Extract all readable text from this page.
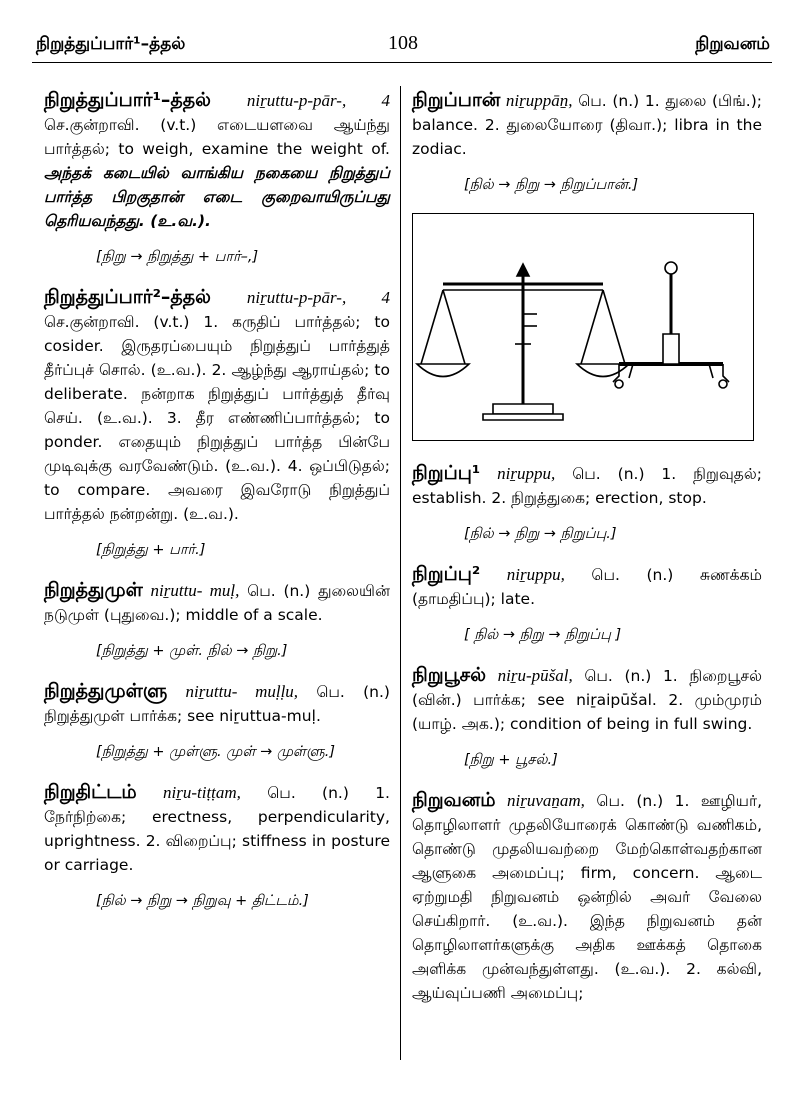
நிறுத்துப்பார்¹–த்தல்	108	நிறுவனம்
நிறுத்துப்பார்¹–த்தல் niṟuttu-p-pār-, 4 செ.குன்றாவி. (v.t.) எடையளவை ஆய்ந்து பார்த்தல்; to weigh, examine the weight of. அந்தக் கடையில் வாங்கிய நகையை நிறுத்துப் பார்த்த பிறகுதான் எடை குறைவாயிருப்பது தெரியவந்தது. (உ.வ.).
[நிறு → நிறுத்து + பார்–,]
நிறுத்துப்பார்²–த்தல் niṟuttu-p-pār-, 4 செ.குன்றாவி. (v.t.) 1. கருதிப் பார்த்தல்; to cosider. இருதரப்பையும் நிறுத்துப் பார்த்துத் தீர்ப்புச் சொல். (உ.வ.). 2. ஆழ்ந்து ஆராய்தல்; to deliberate. நன்றாக நிறுத்துப் பார்த்துத் தீர்வு செய். (உ.வ.). 3. தீர எண்ணிப்பார்த்தல்; to ponder. எதையும் நிறுத்துப் பார்த்த பின்பே முடிவுக்கு வரவேண்டும். (உ.வ.). 4. ஒப்பிடுதல்; to compare. அவரை இவரோடு நிறுத்துப் பார்த்தல் நன்றன்று. (உ.வ.).
[நிறுத்து + பார்.]
நிறுத்துமுள் niṟuttu- muḷ, பெ. (n.) துலையின் நடுமுள் (புதுவை.); middle of a scale.
[நிறுத்து + முள். நில் → நிறு.]
நிறுத்துமுள்ளு niṟuttu- muḷḷu, பெ. (n.) நிறுத்துமுள் பார்க்க; see niṟuttua-muḷ.
[நிறுத்து + முள்ளு. முள் → முள்ளு.]
நிறுதிட்டம் niṟu-tiṭṭam, பெ. (n.) 1. நேர்நிற்கை; erectness, perpendicularity, uprightness. 2. விறைப்பு; stiffness in posture or carriage.
[நில் → நிறு → நிறுவு + திட்டம்.]
நிறுப்பான் niṟuppāṉ, பெ. (n.) 1. துலை (பிங்.); balance. 2. துலையோரை (திவா.); libra in the zodiac.
[நில் → நிறு → நிறுப்பான்.]
நிறுப்பு¹ niṟuppu, பெ. (n.) 1. நிறுவுதல்; establish. 2. நிறுத்துகை; erection, stop.
[நில் → நிறு → நிறுப்பு.]
நிறுப்பு² niṟuppu, பெ. (n.) சுணக்கம் (தாமதிப்பு); late.
[ நில் → நிறு → நிறுப்பு ]
நிறுபூசல் niṟu-pūšal, பெ. (n.) 1. நிறைபூசல் (வின்.) பார்க்க; see niṟaipūšal. 2. மும்முரம் (யாழ். அக.); condition of being in full swing.
[நிறு + பூசல்.]
நிறுவனம் niṟuvaṉam, பெ. (n.) 1. ஊழியர், தொழிலாளர் முதலியோரைக் கொண்டு வணிகம், தொண்டு முதலியவற்றை மேற்கொள்வதற்கான ஆளுகை அமைப்பு; firm, concern. ஆடை ஏற்றுமதி நிறுவனம் ஒன்றில் அவர் வேலை செய்கிறார். (உ.வ.). இந்த நிறுவனம் தன் தொழிலாளர்களுக்கு அதிக ஊக்கத் தொகை அளிக்க முன்வந்துள்ளது. (உ.வ.). 2. கல்வி, ஆய்வுப்பணி அமைப்பு;
